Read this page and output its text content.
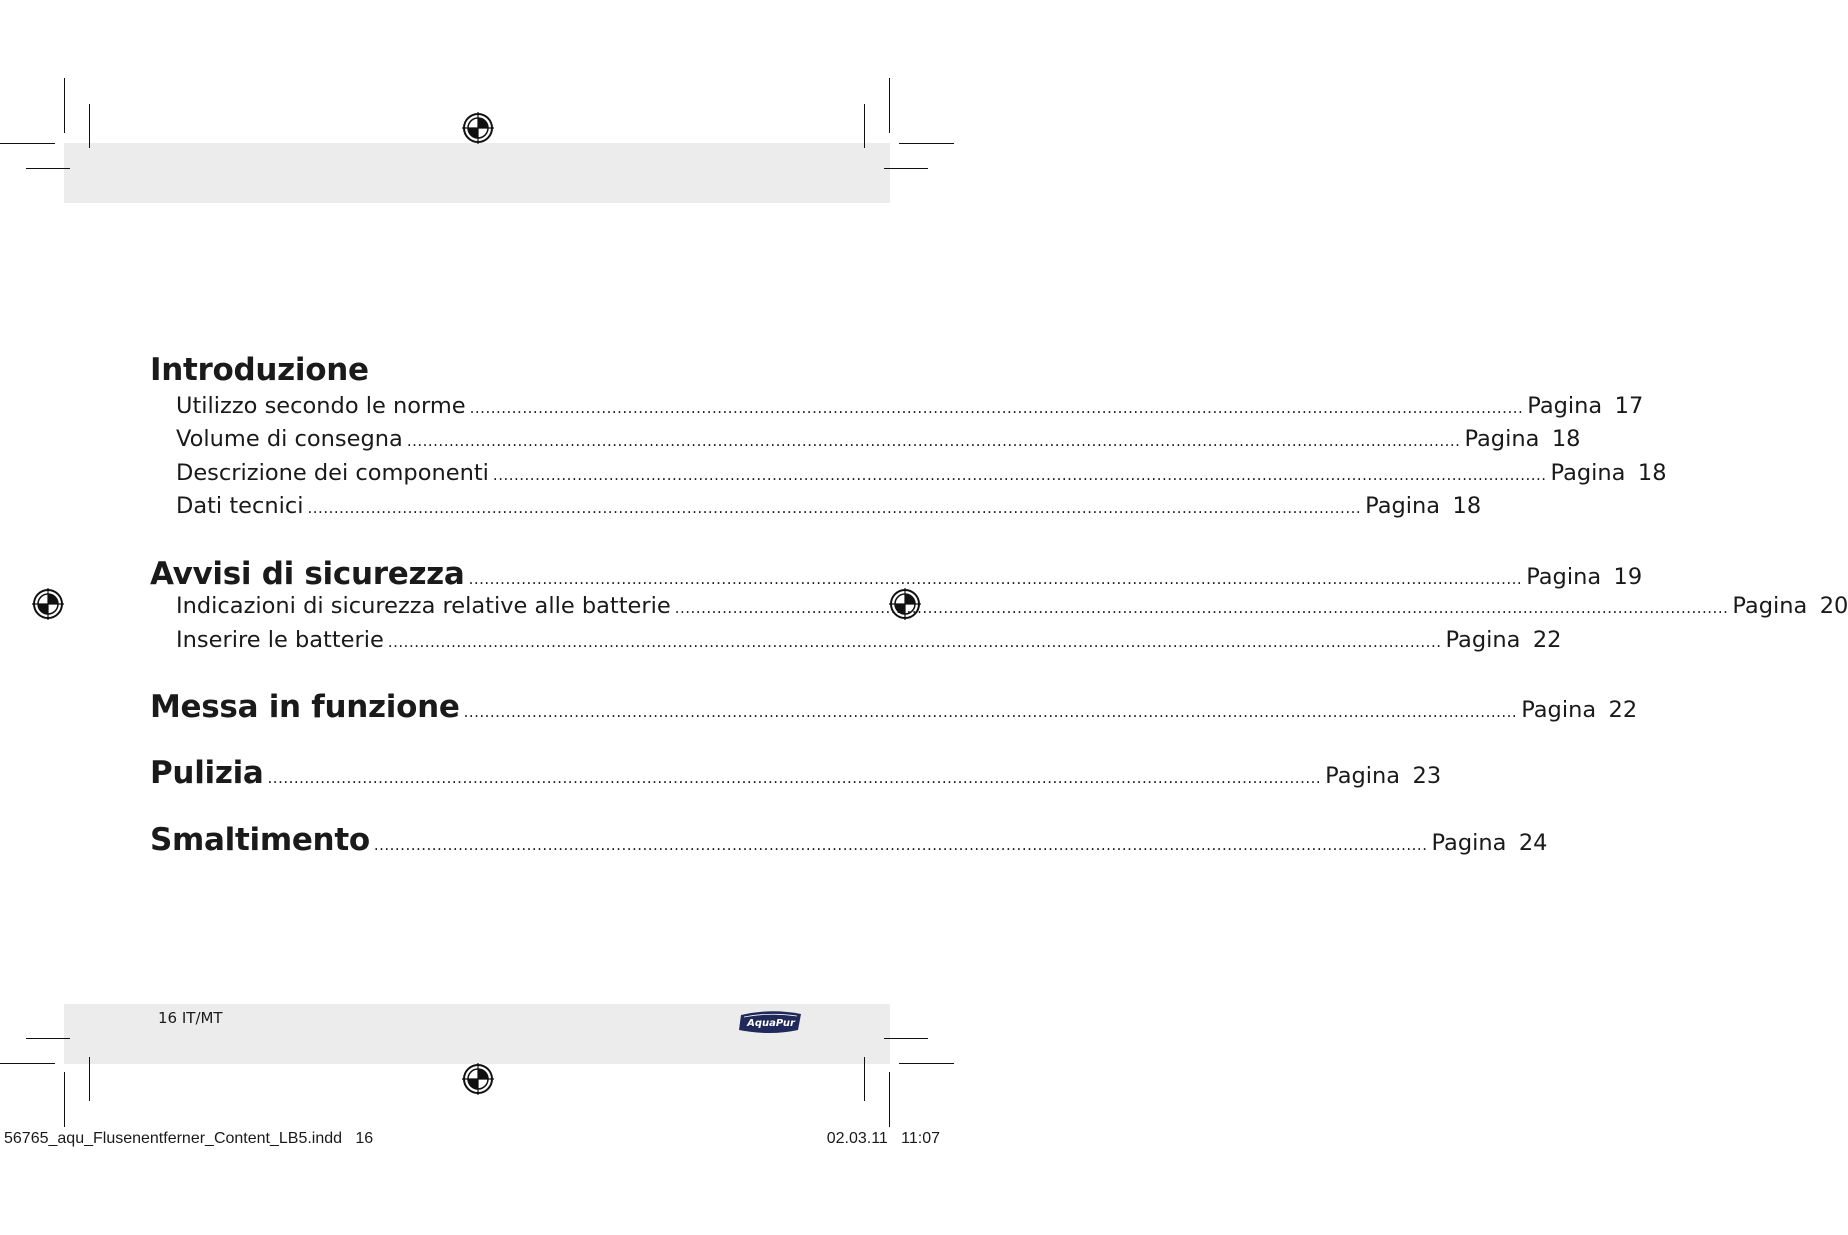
Introduzione
Utilizzo secondo le norme ........................................................................................................................................................................................................ Pagina 17
Volume di consegna ........................................................................................................................................................................................................ Pagina 18
Descrizione dei componenti ........................................................................................................................................................................................................ Pagina 18
Dati tecnici ........................................................................................................................................................................................................ Pagina 18
Avvisi di sicurezza ........................................................................................................................................................................................................ Pagina 19
Indicazioni di sicurezza relative alle batterie ........................................................................................................................................................................................................ Pagina 20
Inserire le batterie ........................................................................................................................................................................................................ Pagina 22
Messa in funzione ........................................................................................................................................................................................................ Pagina 22
Pulizia ........................................................................................................................................................................................................ Pagina 23
Smaltimento ........................................................................................................................................................................................................ Pagina 24
16 IT/MT	AquaPur
56765_aqu_Flusenentferner_Content_LB5.indd   16	02.03.11   11:07
